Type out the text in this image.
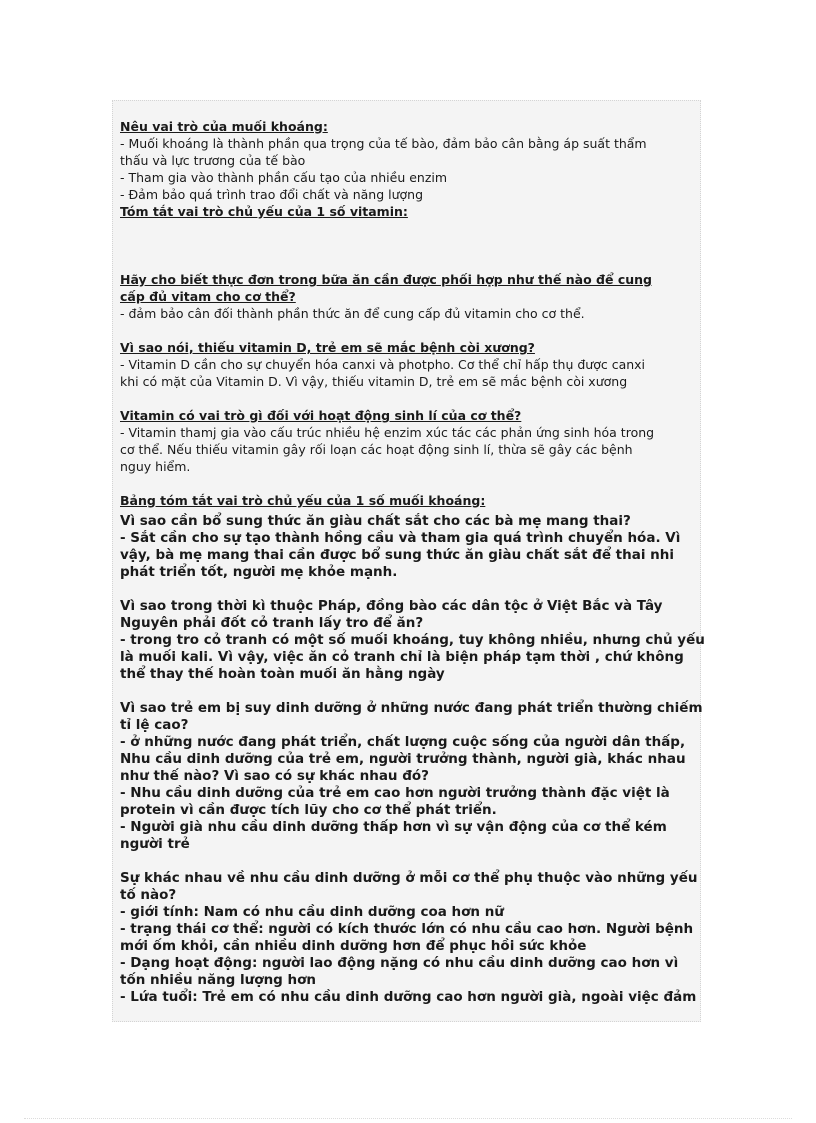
Nêu vai trò của muối khoáng:

- Muối khoáng là thành phần qua trọng của tế bào, đảm bảo cân bằng áp suất thẩm

thấu và lực trương của tế bào

- Tham gia vào thành phần cấu tạo của nhiều enzim

- Đảm bảo quá trình trao đổi chất và năng lượng

Tóm tắt vai trò chủ yếu của 1 số vitamin:

Hãy cho biết thực đơn trong bữa ăn cần được phối hợp như thế nào để cung

cấp đủ vitam cho cơ thể?

- đảm bảo cân đối thành phần thức ăn để cung cấp đủ vitamin cho cơ thể.

Vì sao nói, thiếu vitamin D, trẻ em sẽ mắc bệnh còi xương?

- Vitamin D cần cho sự chuyển hóa canxi và photpho. Cơ thể chỉ hấp thụ được canxi

khi có mặt của Vitamin D. Vì vậy, thiếu vitamin D, trẻ em sẽ mắc bệnh còi xương

Vitamin có vai trò gì đối với hoạt động sinh lí của cơ thể?

- Vitamin thamj gia vào cấu trúc nhiều hệ enzim xúc tác các phản ứng sinh hóa trong

cơ thể. Nếu thiếu vitamin gây rối loạn các hoạt động sinh lí, thừa sẽ gây các bệnh

nguy hiểm.

Bảng tóm tắt vai trò chủ yếu của 1 số muối khoáng:

Vì sao cần bổ sung thức ăn giàu chất sắt cho các bà mẹ mang thai?

- Sắt cần cho sự tạo thành hồng cầu và tham gia quá trình chuyển hóa. Vì

vậy, bà mẹ mang thai cần được bổ sung thức ăn giàu chất sắt để thai nhi

phát triển tốt, người mẹ khỏe mạnh.

Vì sao trong thời kì thuộc Pháp, đồng bào các dân tộc ở Việt Bắc và Tây

Nguyên phải đốt cỏ tranh lấy tro để ăn?

- trong tro cỏ tranh có một số muối khoáng, tuy không nhiều, nhưng chủ yếu

là muối kali. Vì vậy, việc ăn cỏ tranh chỉ là biện pháp tạm thời , chứ không

thể thay thế hoàn toàn muối ăn hằng ngày

Vì sao trẻ em bị suy dinh dưỡng ở những nước đang phát triển thường chiếm

tỉ lệ cao?

- ở những nước đang phát triển, chất lượng cuộc sống của người dân thấp,

Nhu cầu dinh dưỡng của trẻ em, người trưởng thành, người già, khác nhau

như thế nào? Vì sao có sự khác nhau đó?

- Nhu cầu dinh dưỡng của trẻ em cao hơn người trưởng thành đặc việt là

protein vì cần được tích lũy cho cơ thể phát triển.

- Người già nhu cầu dinh dưỡng thấp hơn vì sự vận động của cơ thể kém

người trẻ

Sự khác nhau về nhu cầu dinh dưỡng ở mỗi cơ thể phụ thuộc vào những yếu

tố nào?

- giới tính: Nam có nhu cầu dinh dưỡng coa hơn nữ

- trạng thái cơ thể: người có kích thước lớn có nhu cầu cao hơn. Người bệnh

mới ốm khỏi, cần nhiều dinh dưỡng hơn để phục hồi sức khỏe

- Dạng hoạt động: người lao động nặng có nhu cầu dinh dưỡng cao hơn vì

tốn nhiều năng lượng hơn

- Lứa tuổi: Trẻ em có nhu cầu dinh dưỡng cao hơn người già, ngoài việc đảm
